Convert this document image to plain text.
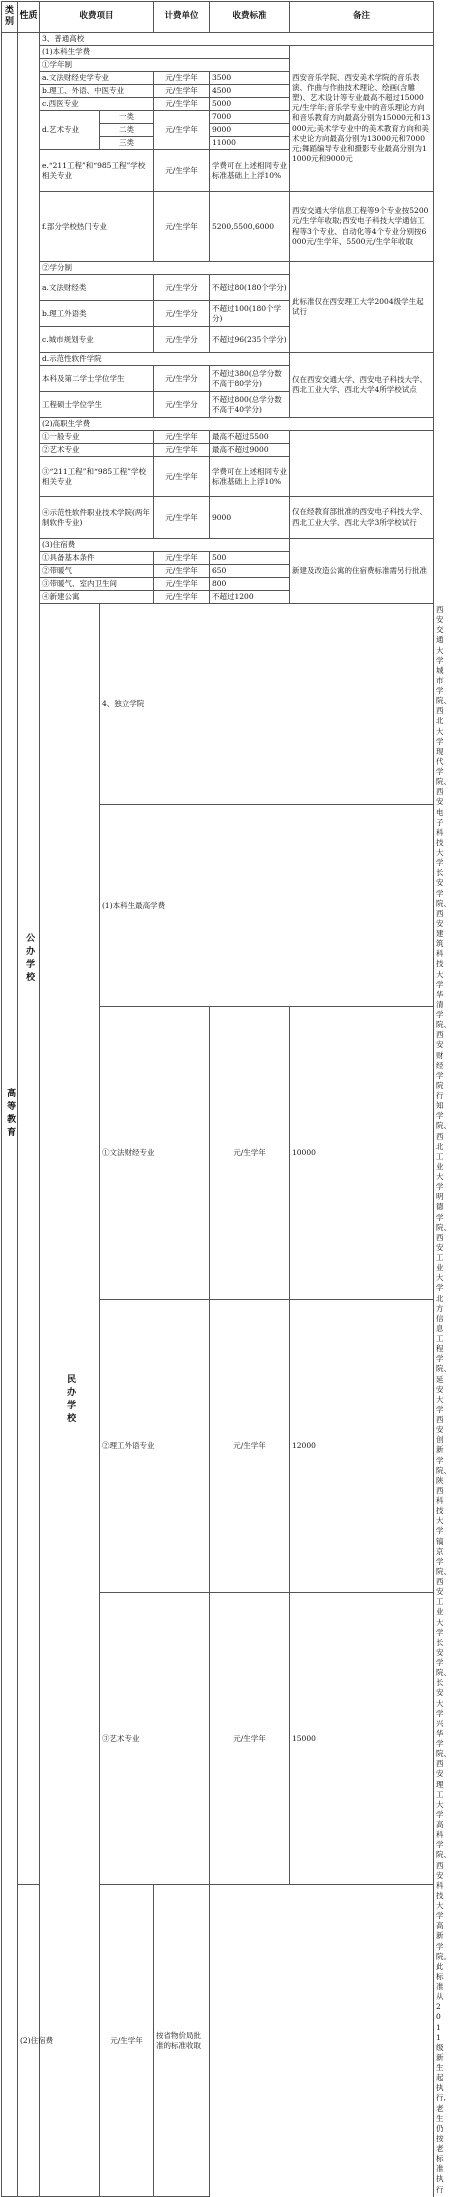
类别	性质	收费项目		计费单位	收费标准	备注	
高等教育	公办学校	3、普通高校					
		(1)本科生学费				西安音乐学院、西安美术学院的音乐表演、作曲与作曲技术理论、绘画(含雕塑)、艺术设计等专业最高不超过15000元/生学年;音乐学专业中的音乐理论方向和音乐教育方向最高分别为15000元和13000元;美术学专业中的美术教育方向和美术史论方向最高分别为13000元和7000元;舞蹈编导专业和摄影专业最高分别为11000元和9000元	
		①学年制					
		a.文法财经史学专业		元/生学年	3500		
		b.理工、外语、中医专业		元/生学年	4500		
		c.西医专业		元/生学年	5000		
		d.艺术专业	一类	元/生学年	7000		
			二类		9000		
			三类		11000		
		e.“211工程”和“985工程”学校相关专业		元/生学年	学费可在上述相同专业标准基础上上浮10%		
		f.部分学校热门专业		元/生学年	5200,5500,6000	西安交通大学信息工程等9个专业按5200元/生学年收取;西安电子科技大学通信工程等3个专业、自动化等4个专业分别按6000元/生学年、5500元/生学年收取	
		②学分制				此标准仅在西安理工大学2004级学生起试行	
		a.文法财经类		元/生学分	不超过80(180个学分)		
		b.理工外语类		元/生学分	不超过100(180个学分)		
		c.城市规划专业		元/生学分	不超过96(235个学分)		
		d.示范性软件学院				仅在西安交通大学、西安电子科技大学、西北工业大学、西北大学4所学校试点	
		本科及第二学士学位学生		元/生学分	不超过380(总学分数不高于80学分)		
		工程硕士学位学生		元/生学分	不超过800(总学分数不高于40学分)		
		(2)高职生学费					
		①一般专业		元/生学年	最高不超过5500		
		②艺术专业		元/生学年	最高不超过9000		
		③“211工程”和“985工程”学校相关专业		元/生学年	学费可在上述相同专业标准基础上上浮10%		
		④示范性软件职业技术学院(两年制软件专业)		元/生学年	9000	仅在经教育部批准的西安电子科技大学、西北工业大学、西北大学3所学校试行	
		(3)住宿费				新建及改造公寓的住宿费标准需另行批准	
		①具备基本条件		元/生学年	500		
		②带暖气		元/生学年	650		
		③带暖气、室内卫生间		元/生学年	800		
		④新建公寓		元/生学年	不超过1200		
		民办学校	4、独立学院				西安交通大学城市学院、西北大学现代学院、西安电子科技大学长安学院、西安建筑科技大学华清学院、西安财经学院行知学院、西北工业大学明德学院、西安工业大学北方信息工程学院、延安大学西安创新学院、陕西科技大学镐京学院、西安工业大学长安学院、长安大学兴华学院、西安理工大学高科学院、西安科技大学高新学院。此标准从2011级新生起执行,老生仍按老标准执行
			(1)本科生最高学费				
			①文法财经专业		元/生学年	10000	
			②理工外语专业		元/生学年	12000	
			③艺术专业		元/生学年	15000	
	(2)住宿费		元/生学年	按省物价局批准的标准收取			
